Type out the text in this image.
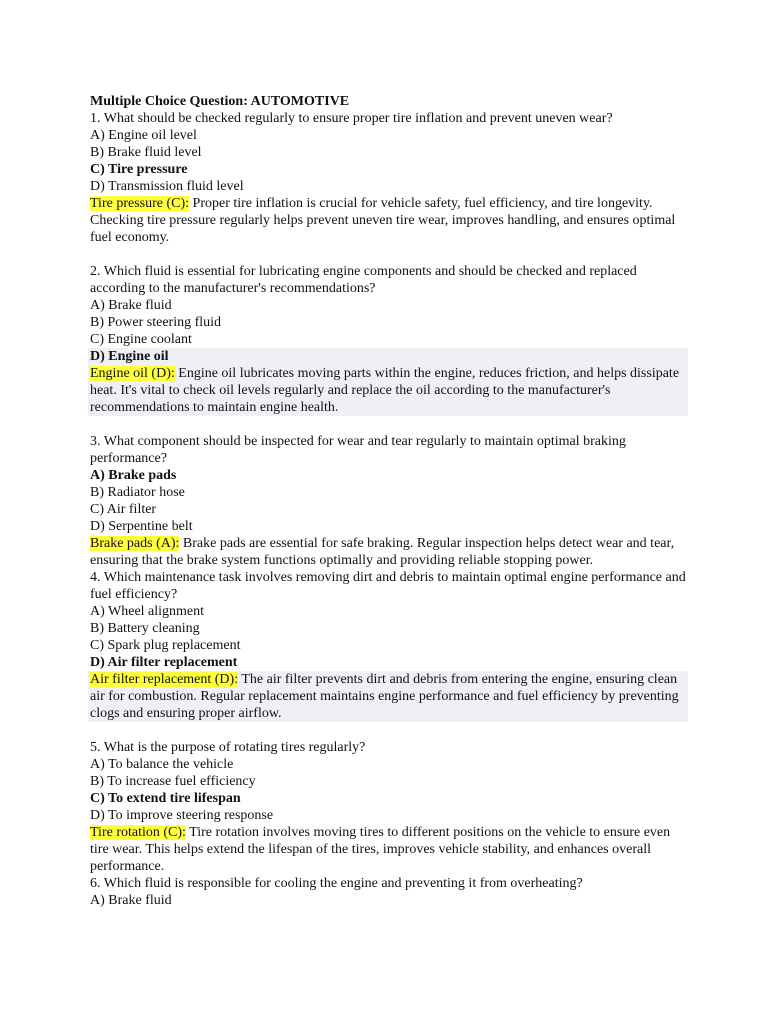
Multiple Choice Question: AUTOMOTIVE
1. What should be checked regularly to ensure proper tire inflation and prevent uneven wear?
A) Engine oil level
B) Brake fluid level
C) Tire pressure
D) Transmission fluid level
Tire pressure (C): Proper tire inflation is crucial for vehicle safety, fuel efficiency, and tire longevity. Checking tire pressure regularly helps prevent uneven tire wear, improves handling, and ensures optimal fuel economy.
2. Which fluid is essential for lubricating engine components and should be checked and replaced according to the manufacturer's recommendations?
A) Brake fluid
B) Power steering fluid
C) Engine coolant
D) Engine oil
Engine oil (D): Engine oil lubricates moving parts within the engine, reduces friction, and helps dissipate heat. It's vital to check oil levels regularly and replace the oil according to the manufacturer's recommendations to maintain engine health.
3. What component should be inspected for wear and tear regularly to maintain optimal braking performance?
A) Brake pads
B) Radiator hose
C) Air filter
D) Serpentine belt
Brake pads (A): Brake pads are essential for safe braking. Regular inspection helps detect wear and tear, ensuring that the brake system functions optimally and providing reliable stopping power.
4. Which maintenance task involves removing dirt and debris to maintain optimal engine performance and fuel efficiency?
A) Wheel alignment
B) Battery cleaning
C) Spark plug replacement
D) Air filter replacement
Air filter replacement (D): The air filter prevents dirt and debris from entering the engine, ensuring clean air for combustion. Regular replacement maintains engine performance and fuel efficiency by preventing clogs and ensuring proper airflow.
5. What is the purpose of rotating tires regularly?
A) To balance the vehicle
B) To increase fuel efficiency
C) To extend tire lifespan
D) To improve steering response
Tire rotation (C): Tire rotation involves moving tires to different positions on the vehicle to ensure even tire wear. This helps extend the lifespan of the tires, improves vehicle stability, and enhances overall performance.
6. Which fluid is responsible for cooling the engine and preventing it from overheating?
A) Brake fluid
